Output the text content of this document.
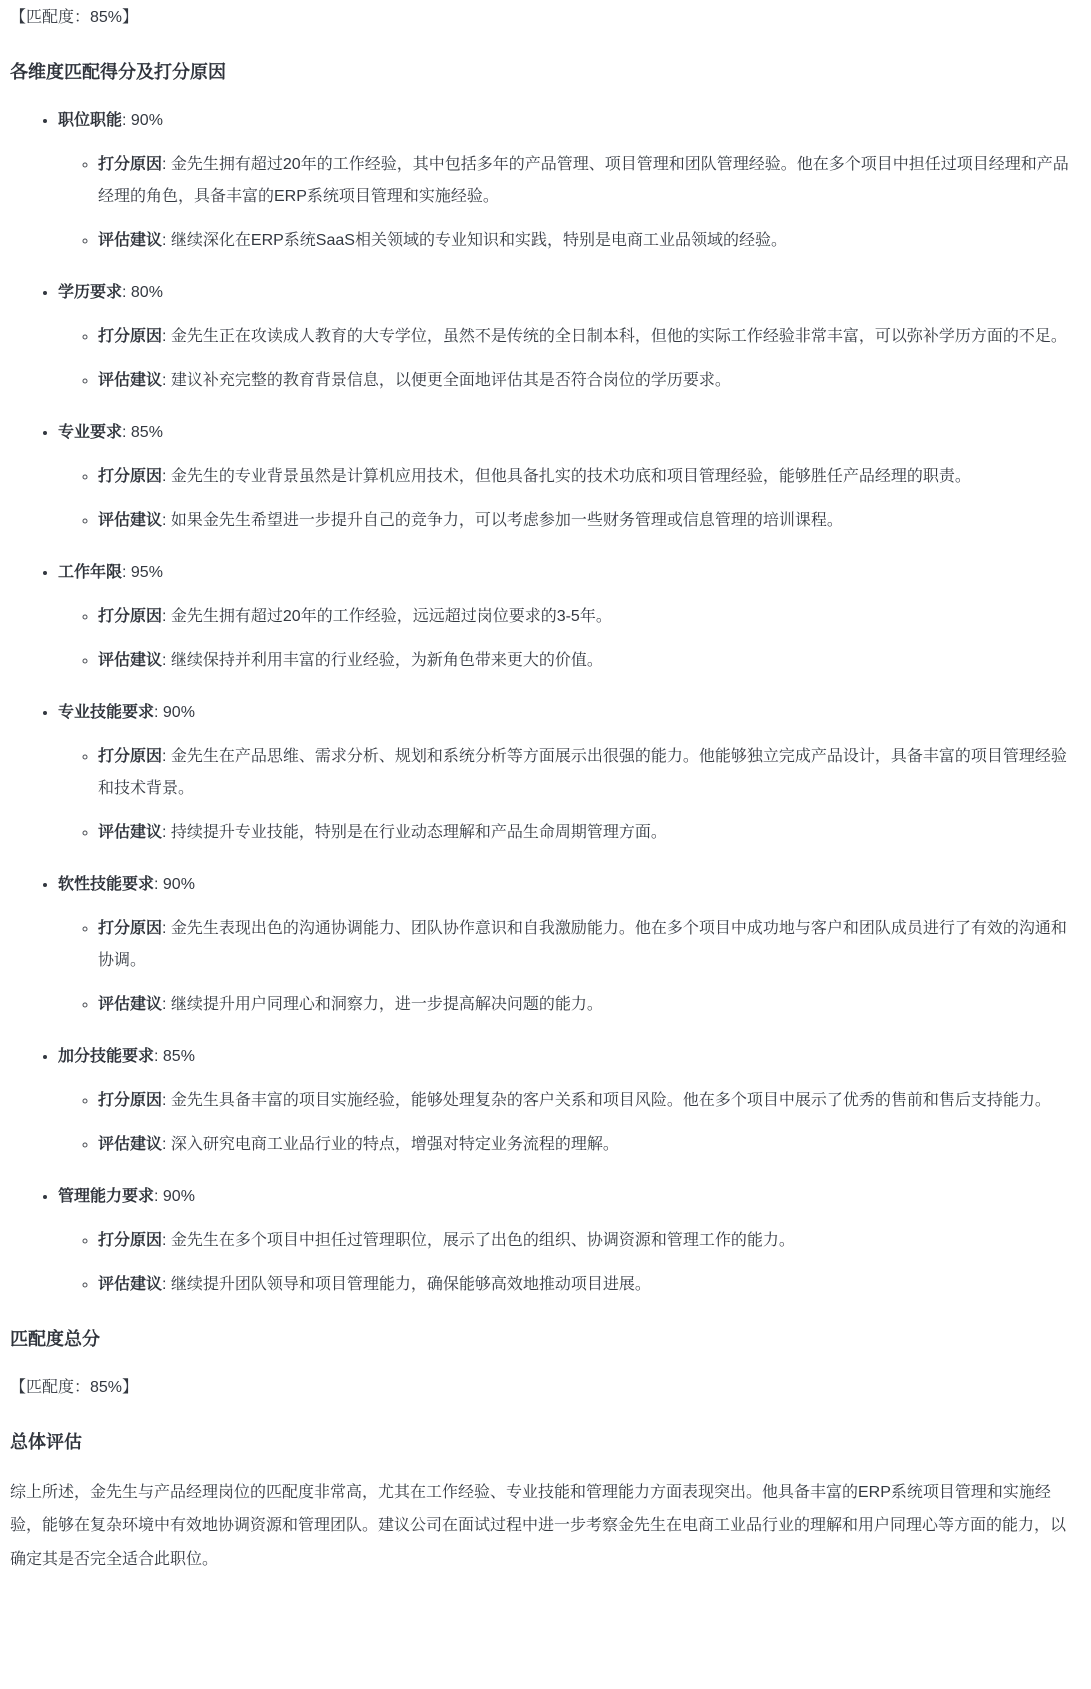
【匹配度：85%】

各维度匹配得分及打分原因
• 职位职能: 90%
◦ 打分原因: 金先生拥有超过20年的工作经验，其中包括多年的产品管理、项目管理和团队管理经验。他在多个项目中担任过项目经理和产品经理的角色，具备丰富的ERP系统项目管理和实施经验。
◦ 评估建议: 继续深化在ERP系统SaaS相关领域的专业知识和实践，特别是电商工业品领域的经验。
• 学历要求: 80%
◦ 打分原因: 金先生正在攻读成人教育的大专学位，虽然不是传统的全日制本科，但他的实际工作经验非常丰富，可以弥补学历方面的不足。
◦ 评估建议: 建议补充完整的教育背景信息，以便更全面地评估其是否符合岗位的学历要求。
• 专业要求: 85%
◦ 打分原因: 金先生的专业背景虽然是计算机应用技术，但他具备扎实的技术功底和项目管理经验，能够胜任产品经理的职责。
◦ 评估建议: 如果金先生希望进一步提升自己的竞争力，可以考虑参加一些财务管理或信息管理的培训课程。
• 工作年限: 95%
◦ 打分原因: 金先生拥有超过20年的工作经验，远远超过岗位要求的3-5年。
◦ 评估建议: 继续保持并利用丰富的行业经验，为新角色带来更大的价值。
• 专业技能要求: 90%
◦ 打分原因: 金先生在产品思维、需求分析、规划和系统分析等方面展示出很强的能力。他能够独立完成产品设计，具备丰富的项目管理经验和技术背景。
◦ 评估建议: 持续提升专业技能，特别是在行业动态理解和产品生命周期管理方面。
• 软性技能要求: 90%
◦ 打分原因: 金先生表现出色的沟通协调能力、团队协作意识和自我激励能力。他在多个项目中成功地与客户和团队成员进行了有效的沟通和协调。
◦ 评估建议: 继续提升用户同理心和洞察力，进一步提高解决问题的能力。
• 加分技能要求: 85%
◦ 打分原因: 金先生具备丰富的项目实施经验，能够处理复杂的客户关系和项目风险。他在多个项目中展示了优秀的售前和售后支持能力。
◦ 评估建议: 深入研究电商工业品行业的特点，增强对特定业务流程的理解。
• 管理能力要求: 90%
◦ 打分原因: 金先生在多个项目中担任过管理职位，展示了出色的组织、协调资源和管理工作的能力。
◦ 评估建议: 继续提升团队领导和项目管理能力，确保能够高效地推动项目进展。
匹配度总分

【匹配度：85%】

总体评估

综上所述，金先生与产品经理岗位的匹配度非常高，尤其在工作经验、专业技能和管理能力方面表现突出。他具备丰富的ERP系统项目管理和实施经验，能够在复杂环境中有效地协调资源和管理团队。建议公司在面试过程中进一步考察金先生在电商工业品行业的理解和用户同理心等方面的能力，以确定其是否完全适合此职位。
